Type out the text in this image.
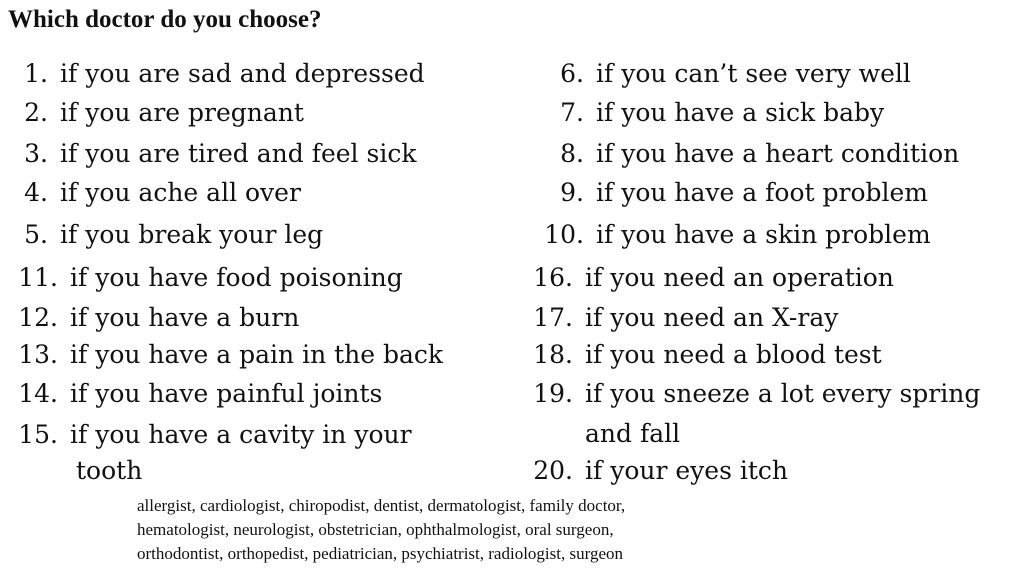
Which doctor do you choose?
1. if you are sad and depressed
2. if you are pregnant
3. if you are tired and feel sick
4. if you ache all over
5. if you break your leg
6. if you can’t see very well
7. if you have a sick baby
8. if you have a heart condition
9. if you have a foot problem
10. if you have a skin problem
11. if you have food poisoning
12. if you have a burn
13. if you have a pain in the back
14. if you have painful joints
15. if you have a cavity in your
tooth
16. if you need an operation
17. if you need an X-ray
18. if you need a blood test
19. if you sneeze a lot every spring
and fall
20. if your eyes itch
allergist, cardiologist, chiropodist, dentist, dermatologist, family doctor,
hematologist, neurologist, obstetrician, ophthalmologist, oral surgeon,
orthodontist, orthopedist, pediatrician, psychiatrist, radiologist, surgeon
